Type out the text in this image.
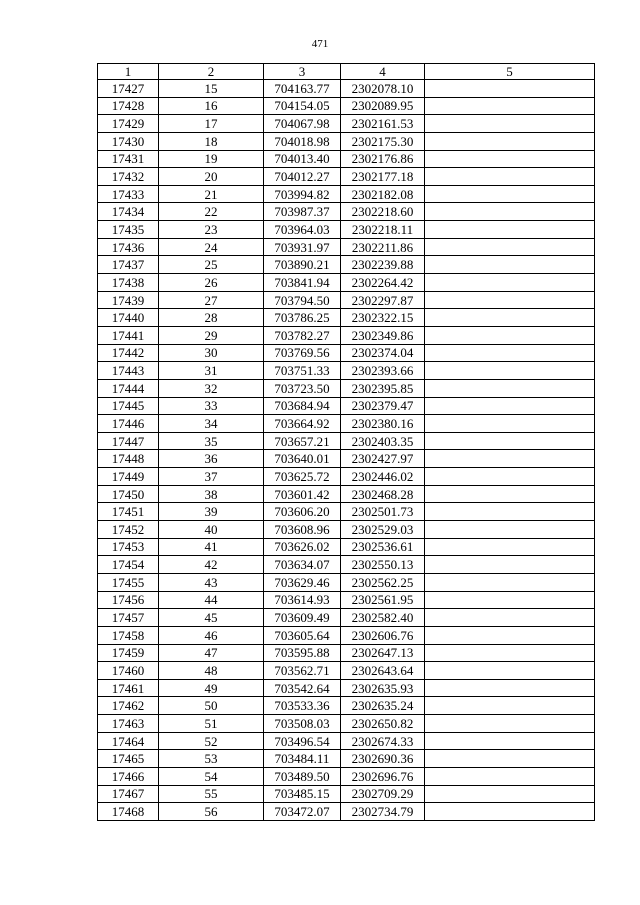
471
1	2	3	4	5
17427	15	704163.77	2302078.10	
17428	16	704154.05	2302089.95	
17429	17	704067.98	2302161.53	
17430	18	704018.98	2302175.30	
17431	19	704013.40	2302176.86	
17432	20	704012.27	2302177.18	
17433	21	703994.82	2302182.08	
17434	22	703987.37	2302218.60	
17435	23	703964.03	2302218.11	
17436	24	703931.97	2302211.86	
17437	25	703890.21	2302239.88	
17438	26	703841.94	2302264.42	
17439	27	703794.50	2302297.87	
17440	28	703786.25	2302322.15	
17441	29	703782.27	2302349.86	
17442	30	703769.56	2302374.04	
17443	31	703751.33	2302393.66	
17444	32	703723.50	2302395.85	
17445	33	703684.94	2302379.47	
17446	34	703664.92	2302380.16	
17447	35	703657.21	2302403.35	
17448	36	703640.01	2302427.97	
17449	37	703625.72	2302446.02	
17450	38	703601.42	2302468.28	
17451	39	703606.20	2302501.73	
17452	40	703608.96	2302529.03	
17453	41	703626.02	2302536.61	
17454	42	703634.07	2302550.13	
17455	43	703629.46	2302562.25	
17456	44	703614.93	2302561.95	
17457	45	703609.49	2302582.40	
17458	46	703605.64	2302606.76	
17459	47	703595.88	2302647.13	
17460	48	703562.71	2302643.64	
17461	49	703542.64	2302635.93	
17462	50	703533.36	2302635.24	
17463	51	703508.03	2302650.82	
17464	52	703496.54	2302674.33	
17465	53	703484.11	2302690.36	
17466	54	703489.50	2302696.76	
17467	55	703485.15	2302709.29	
17468	56	703472.07	2302734.79	
